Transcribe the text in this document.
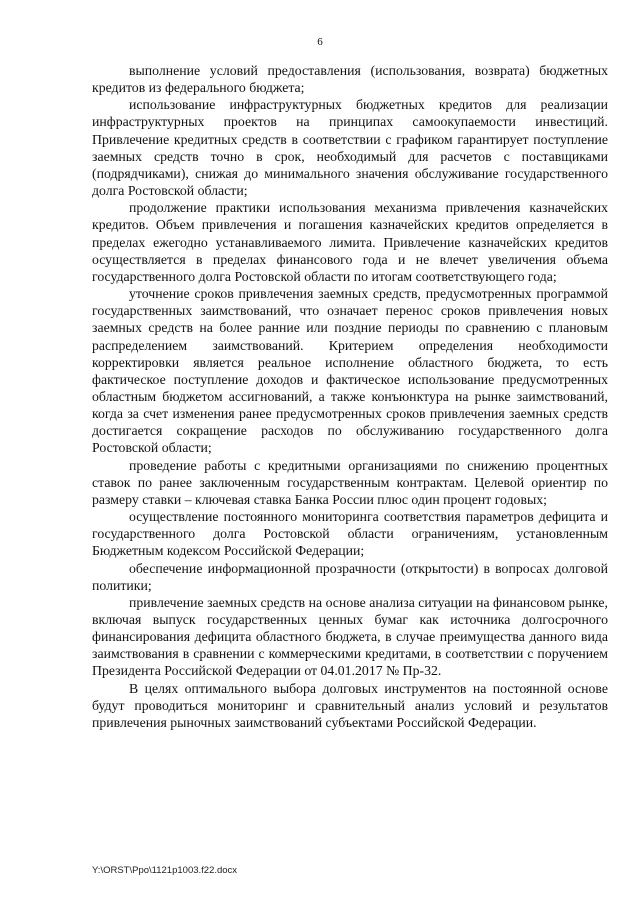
6

выполнение условий предоставления (использования, возврата) бюджетных кредитов из федерального бюджета;

использование инфраструктурных бюджетных кредитов для реализации инфраструктурных проектов на принципах самоокупаемости инвестиций. Привлечение кредитных средств в соответствии с графиком гарантирует поступление заемных средств точно в срок, необходимый для расчетов с поставщиками (подрядчиками), снижая до минимального значения обслуживание государственного долга Ростовской области;

продолжение практики использования механизма привлечения казначейских кредитов. Объем привлечения и погашения казначейских кредитов определяется в пределах ежегодно устанавливаемого лимита. Привлечение казначейских кредитов осуществляется в пределах финансового года и не влечет увеличения объема государственного долга Ростовской области по итогам соответствующего года;

уточнение сроков привлечения заемных средств, предусмотренных программой государственных заимствований, что означает перенос сроков привлечения новых заемных средств на более ранние или поздние периоды по сравнению с плановым распределением заимствований. Критерием определения необходимости корректировки является реальное исполнение областного бюджета, то есть фактическое поступление доходов и фактическое использование предусмотренных областным бюджетом ассигнований, а также конъюнктура на рынке заимствований, когда за счет изменения ранее предусмотренных сроков привлечения заемных средств достигается сокращение расходов по обслуживанию государственного долга Ростовской области;

проведение работы с кредитными организациями по снижению процентных ставок по ранее заключенным государственным контрактам. Целевой ориентир по размеру ставки – ключевая ставка Банка России плюс один процент годовых;

осуществление постоянного мониторинга соответствия параметров дефицита и государственного долга Ростовской области ограничениям, установленным Бюджетным кодексом Российской Федерации;

обеспечение информационной прозрачности (открытости) в вопросах долговой политики;

привлечение заемных средств на основе анализа ситуации на финансовом рынке, включая выпуск государственных ценных бумаг как источника долгосрочного финансирования дефицита областного бюджета, в случае преимущества данного вида заимствования в сравнении с коммерческими кредитами, в соответствии с поручением Президента Российской Федерации от 04.01.2017 № Пр-32.

В целях оптимального выбора долговых инструментов на постоянной основе будут проводиться мониторинг и сравнительный анализ условий и результатов привлечения рыночных заимствований субъектами Российской Федерации.

Y:\ORST\Ppo\1121p1003.f22.docx
